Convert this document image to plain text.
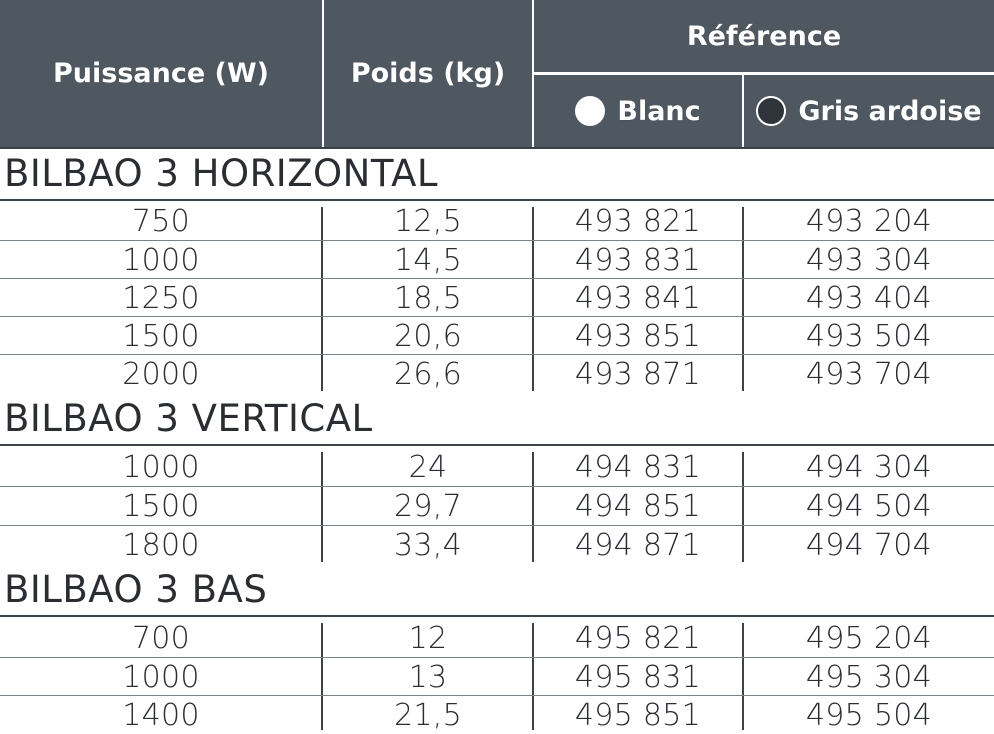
Puissance (W)	Poids (kg)
Référence
Blanc	Gris ardoise
BILBAO 3 HORIZONTAL
750	12,5	493 821	493 204
1000	14,5	493 831	493 304
1250	18,5	493 841	493 404
1500	20,6	493 851	493 504
2000	26,6	493 871	493 704
BILBAO 3 VERTICAL
1000	24	494 831	494 304
1500	29,7	494 851	494 504
1800	33,4	494 871	494 704
BILBAO 3 BAS
700	12	495 821	495 204
1000	13	495 831	495 304
1400	21,5	495 851	495 504
